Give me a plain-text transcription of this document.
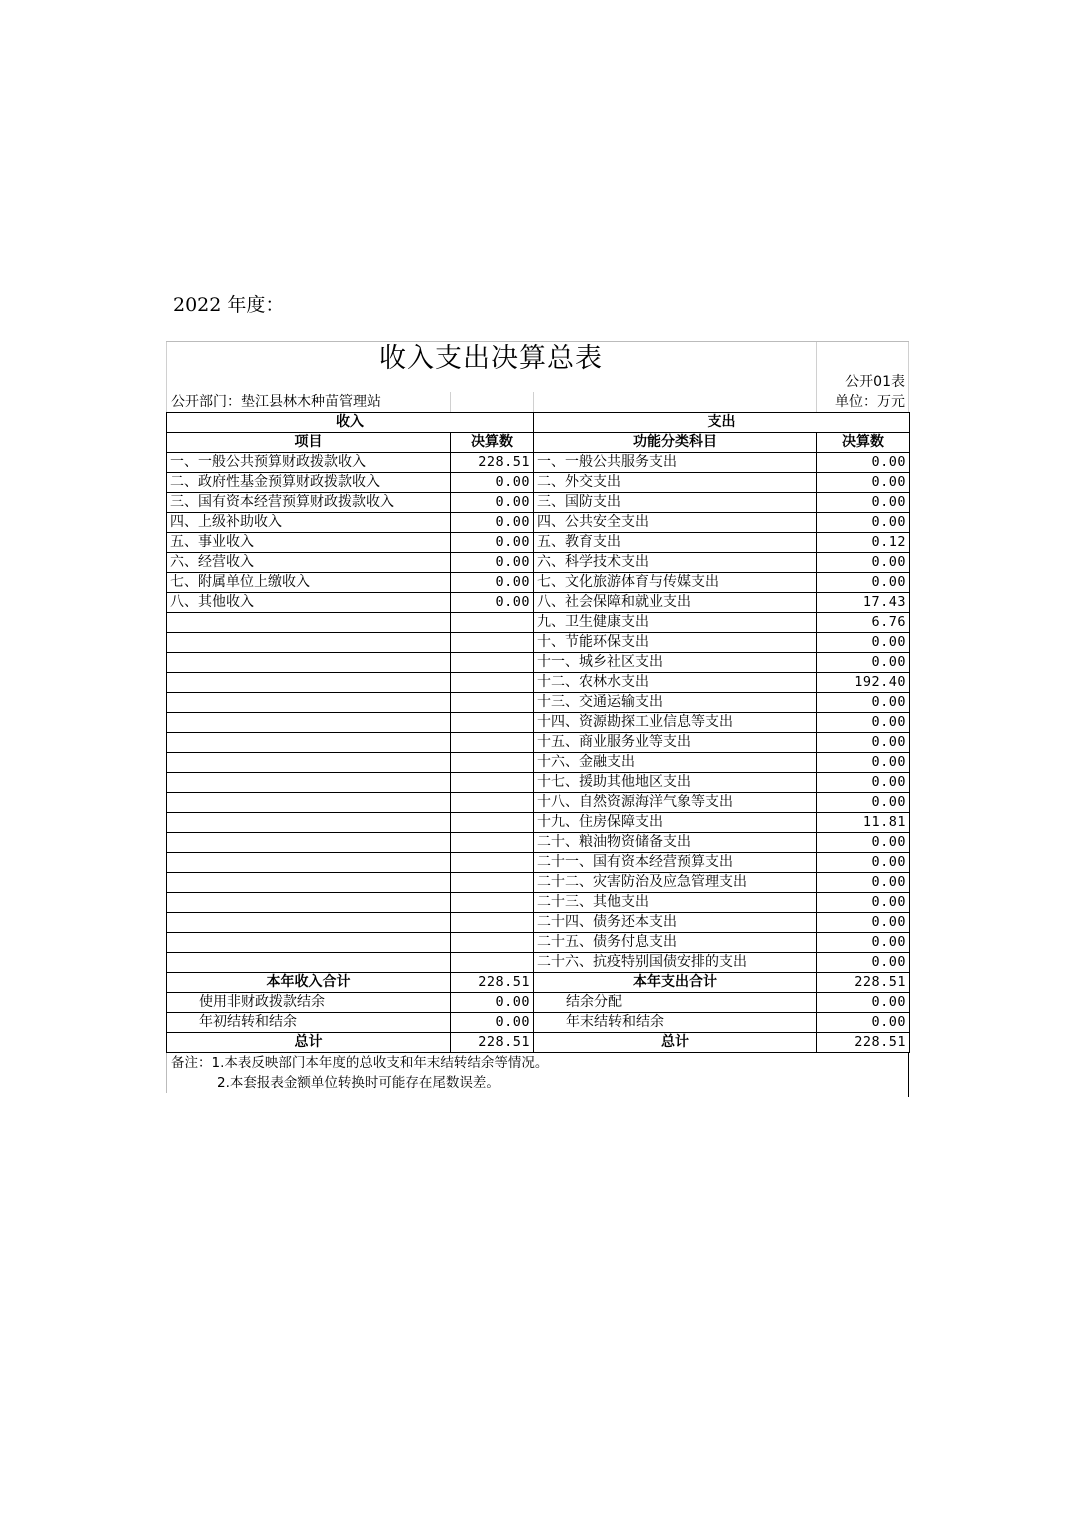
2022 年度：
收入支出决算总表
公开01表
公开部门：垫江县林木种苗管理站	单位：万元
收入		支出	
项目	决算数	功能分类科目	决算数
一、一般公共预算财政拨款收入	228.51	一、一般公共服务支出	0.00
二、政府性基金预算财政拨款收入	0.00	二、外交支出	0.00
三、国有资本经营预算财政拨款收入	0.00	三、国防支出	0.00
四、上级补助收入	0.00	四、公共安全支出	0.00
五、事业收入	0.00	五、教育支出	0.12
六、经营收入	0.00	六、科学技术支出	0.00
七、附属单位上缴收入	0.00	七、文化旅游体育与传媒支出	0.00
八、其他收入	0.00	八、社会保障和就业支出	17.43
		九、卫生健康支出	6.76
		十、节能环保支出	0.00
		十一、城乡社区支出	0.00
		十二、农林水支出	192.40
		十三、交通运输支出	0.00
		十四、资源勘探工业信息等支出	0.00
		十五、商业服务业等支出	0.00
		十六、金融支出	0.00
		十七、援助其他地区支出	0.00
		十八、自然资源海洋气象等支出	0.00
		十九、住房保障支出	11.81
		二十、粮油物资储备支出	0.00
		二十一、国有资本经营预算支出	0.00
		二十二、灾害防治及应急管理支出	0.00
		二十三、其他支出	0.00
		二十四、债务还本支出	0.00
		二十五、债务付息支出	0.00
		二十六、抗疫特别国债安排的支出	0.00
本年收入合计	228.51	本年支出合计	228.51
使用非财政拨款结余	0.00	结余分配	0.00
年初结转和结余	0.00	年末结转和结余	0.00
总计	228.51	总计	228.51
备注：1.本表反映部门本年度的总收支和年末结转结余等情况。
2.本套报表金额单位转换时可能存在尾数误差。
